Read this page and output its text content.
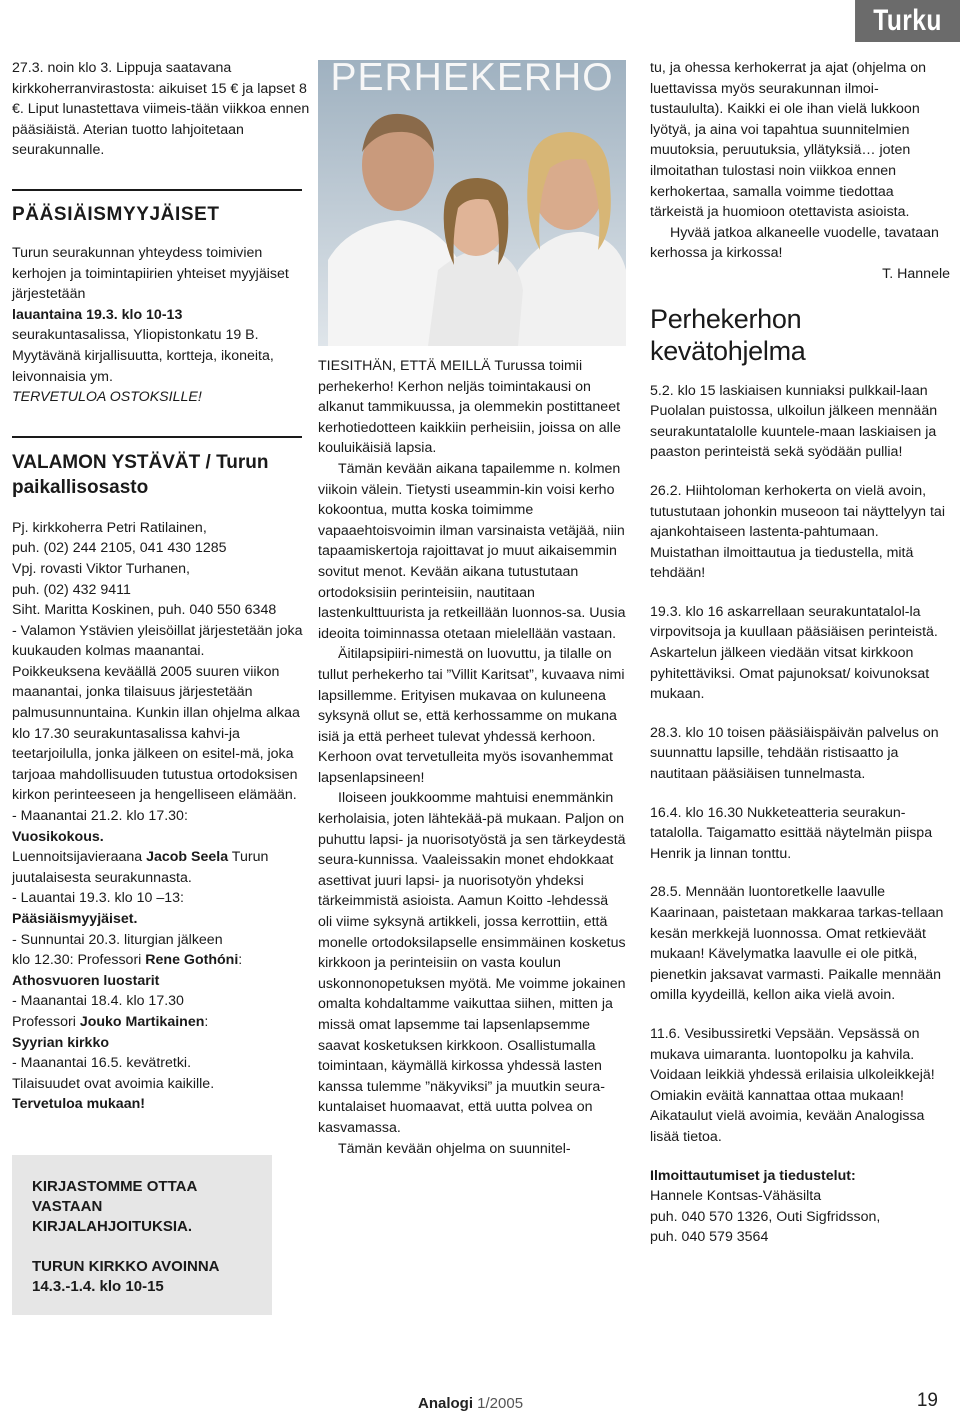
Turku

27.3. noin klo 3. Lippuja saatavana kirkkoherranvirastosta: aikuiset 15 € ja lapset 8 €. Liput lunastettava viimeis-tään viikkoa ennen pääsiäistä. Aterian tuotto lahjoitetaan seurakunnalle.

PÄÄSIÄISMYYJÄISET

Turun seurakunnan yhteydess toimivien kerhojen ja toimintapiirien yhteiset myyjäiset järjestetään

lauantaina 19.3. klo 10-13

seurakuntasalissa, Yliopistonkatu 19 B. Myytävänä kirjallisuutta, kortteja, ikoneita, leivonnaisia ym.

TERVETULOA OSTOKSILLE!

VALAMON YSTÄVÄT / Turun paikallisosasto

Pj. kirkkoherra Petri Ratilainen,

puh. (02) 244 2105, 041 430 1285

Vpj. rovasti Viktor Turhanen,

puh. (02) 432 9411

Siht. Maritta Koskinen, puh. 040 550 6348

- Valamon Ystävien yleisöillat järjestetään joka kuukauden kolmas maanantai.

Poikkeuksena keväällä 2005 suuren viikon maanantai, jonka tilaisuus järjestetään palmusunnuntaina. Kunkin illan ohjelma alkaa klo 17.30 seurakuntasalissa kahvi-ja teetarjoilulla, jonka jälkeen on esitel-mä, joka tarjoaa mahdollisuuden tutustua ortodoksisen kirkon perinteeseen ja hengelliseen elämään.

- Maanantai 21.2. klo 17.30:

Vuosikokous.

Luennoitsijavieraana Jacob Seela Turun juutalaisesta seurakunnasta.

- Lauantai 19.3. klo 10 –13:

Pääsiäismyyjäiset.

- Sunnuntai 20.3. liturgian jälkeen

klo 12.30: Professori Rene Gothóni:

Athosvuoren luostarit

- Maanantai 18.4. klo 17.30

Professori Jouko Martikainen:

Syyrian kirkko

- Maanantai 16.5. kevätretki.

Tilaisuudet ovat avoimia kaikille.

Tervetuloa mukaan!

KIRJASTOMME OTTAA
VASTAAN KIRJALAHJOITUKSIA.
TURUN KIRKKO AVOINNA
14.3.-1.4. klo 10-15
PERHEKERHO

TIESITHÄN, ETTÄ MEILLÄ Turussa toimii perhekerho! Kerhon neljäs toimintakausi on alkanut tammikuussa, ja olemmekin postittaneet kerhotiedotteen kaikkiin perheisiin, joissa on alle kouluikäisiä lapsia.

Tämän kevään aikana tapailemme n. kolmen viikoin välein. Tietysti useammin-kin voisi kerho kokoontua, mutta koska toimimme vapaaehtoisvoimin ilman varsinaista vetäjää, niin tapaamiskertoja rajoittavat jo muut aikaisemmin sovitut menot. Kevään aikana tutustutaan ortodoksisiin perinteisiin, nautitaan lastenkulttuurista ja retkeillään luonnos-sa. Uusia ideoita toiminnassa otetaan mielellään vastaan.

Äitilapsipiiri-nimestä on luovuttu, ja tilalle on tullut perhekerho tai ”Villit Karitsat”, kuvaava nimi lapsillemme. Erityisen mukavaa on kuluneena syksynä ollut se, että kerhossamme on mukana isiä ja että perheet tulevat yhdessä kerhoon. Kerhoon ovat tervetulleita myös isovanhemmat lapsenlapsineen!

Iloiseen joukkoomme mahtuisi enemmänkin kerholaisia, joten lähtekää-pä mukaan. Paljon on puhuttu lapsi- ja nuorisotyöstä ja sen tärkeydestä seura-kunnissa. Vaaleissakin monet ehdokkaat asettivat juuri lapsi- ja nuorisotyön yhdeksi tärkeimmistä asioista. Aamun Koitto -lehdessä oli viime syksynä artikkeli, jossa kerrottiin, että monelle ortodoksilapselle ensimmäinen kosketus kirkkoon ja perinteisiin on vasta koulun uskonnonopetuksen myötä. Me voimme jokainen omalta kohdaltamme vaikuttaa siihen, mitten ja missä omat lapsemme tai lapsenlapsemme saavat kosketuksen kirkkoon. Osallistumalla toimintaan, käymällä kirkossa yhdessä lasten kanssa tulemme ”näkyviksi” ja muutkin seura-kuntalaiset huomaavat, että uutta polvea on kasvamassa.

Tämän kevään ohjelma on suunnitel-

tu, ja ohessa kerhokerrat ja ajat (ohjelma on luettavissa myös seurakunnan ilmoi-tustaululta). Kaikki ei ole ihan vielä lukkoon lyötyä, ja aina voi tapahtua suunnitelmien muutoksia, peruutuksia, yllätyksiä… joten ilmoitathan tulostasi noin viikkoa ennen kerhokertaa, samalla voimme tiedottaa tärkeistä ja huomioon otettavista asioista.

Hyvää jatkoa alkaneelle vuodelle, tavataan kerhossa ja kirkossa!

T. Hannele

Perhekerhon kevätohjelma

5.2. klo 15 laskiaisen kunniaksi pulkkail-laan Puolalan puistossa, ulkoilun jälkeen mennään seurakuntatalolle kuuntele-maan laskiaisen ja paaston perinteistä sekä syödään pullia!

26.2. Hiihtoloman kerhokerta on vielä avoin, tutustutaan johonkin museoon tai näyttelyyn tai ajankohtaiseen lastenta-pahtumaan. Muistathan ilmoittautua ja tiedustella, mitä tehdään!

19.3. klo 16 askarrellaan seurakuntatalol-la virpovitsoja ja kuullaan pääsiäisen perinteistä. Askartelun jälkeen viedään vitsat kirkkoon pyhitettäviksi. Omat pajunoksat/ koivunoksat mukaan.

28.3. klo 10 toisen pääsiäispäivän palvelus on suunnattu lapsille, tehdään ristisaatto ja nautitaan pääsiäisen tunnelmasta.

16.4. klo 16.30 Nukketeatteria seurakun-tatalolla. Taigamatto esittää näytelmän piispa Henrik ja linnan tonttu.

28.5. Mennään luontoretkelle laavulle Kaarinaan, paistetaan makkaraa tarkas-tellaan kesän merkkejä luonnossa. Omat retkieväät mukaan! Kävelymatka laavulle ei ole pitkä, pienetkin jaksavat varmasti. Paikalle mennään omilla kyydeillä, kellon aika vielä avoin.

11.6. Vesibussiretki Vepsään. Vepsässä on mukava uimaranta. luontopolku ja kahvila. Voidaan leikkiä yhdessä erilaisia ulkoleikkejä! Omiakin eväitä kannattaa ottaa mukaan! Aikataulut vielä avoimia, kevään Analogissa lisää tietoa.

Ilmoittautumiset ja tiedustelut:

Hannele Kontsas-Vähäsilta

puh. 040 570 1326, Outi Sigfridsson,

puh. 040 579 3564

Analogi 1/2005	19
